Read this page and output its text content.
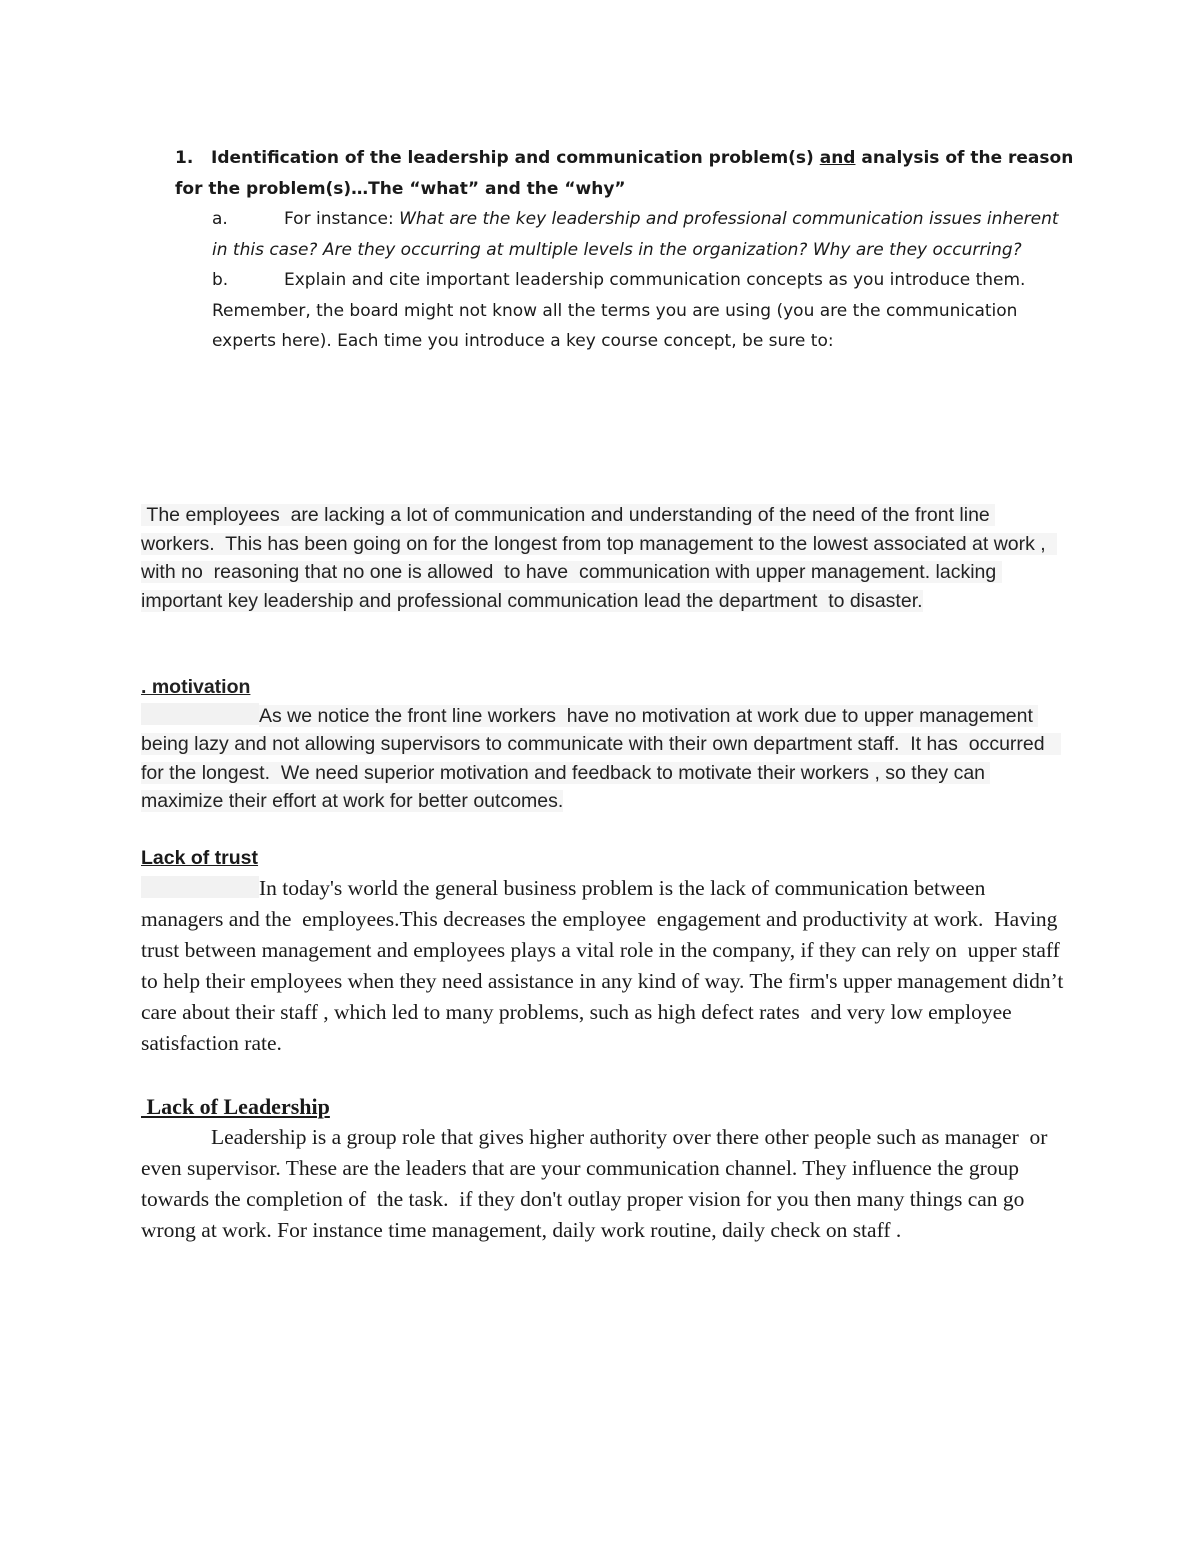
1. Identification of the leadership and communication problem(s) and analysis of the reason for the problem(s)…The “what” and the “why”

a.	For instance: What are the key leadership and professional communication issues inherent in this case? Are they occurring at multiple levels in the organization? Why are they occurring?

b.	Explain and cite important leadership communication concepts as you introduce them. Remember, the board might not know all the terms you are using (you are the communication experts here). Each time you introduce a key course concept, be sure to:

The employees  are lacking a lot of communication and understanding of the need of the front line workers.  This has been going on for the longest from top management to the lowest associated at work ,  with no  reasoning that no one is allowed  to have  communication with upper management. lacking important key leadership and professional communication lead the department  to disaster.

. motivation

As we notice the front line workers  have no motivation at work due to upper management being lazy and not allowing supervisors to communicate with their own department staff.  It has  occurred   for the longest.  We need superior motivation and feedback to motivate their workers , so they can maximize their effort at work for better outcomes.

Lack of trust

In today's world the general business problem is the lack of communication between managers and the  employees.This decreases the employee  engagement and productivity at work.  Having trust between management and employees plays a vital role in the company, if they can rely on  upper staff  to help their employees when they need assistance in any kind of way. The firm's upper management didn’t care about their staff , which led to many problems, such as high defect rates  and very low employee satisfaction rate.

Lack of Leadership

Leadership is a group role that gives higher authority over there other people such as manager  or even supervisor. These are the leaders that are your communication channel. They influence the group towards the completion of  the task.  if they don't outlay proper vision for you then many things can go wrong at work. For instance time management, daily work routine, daily check on staff .
